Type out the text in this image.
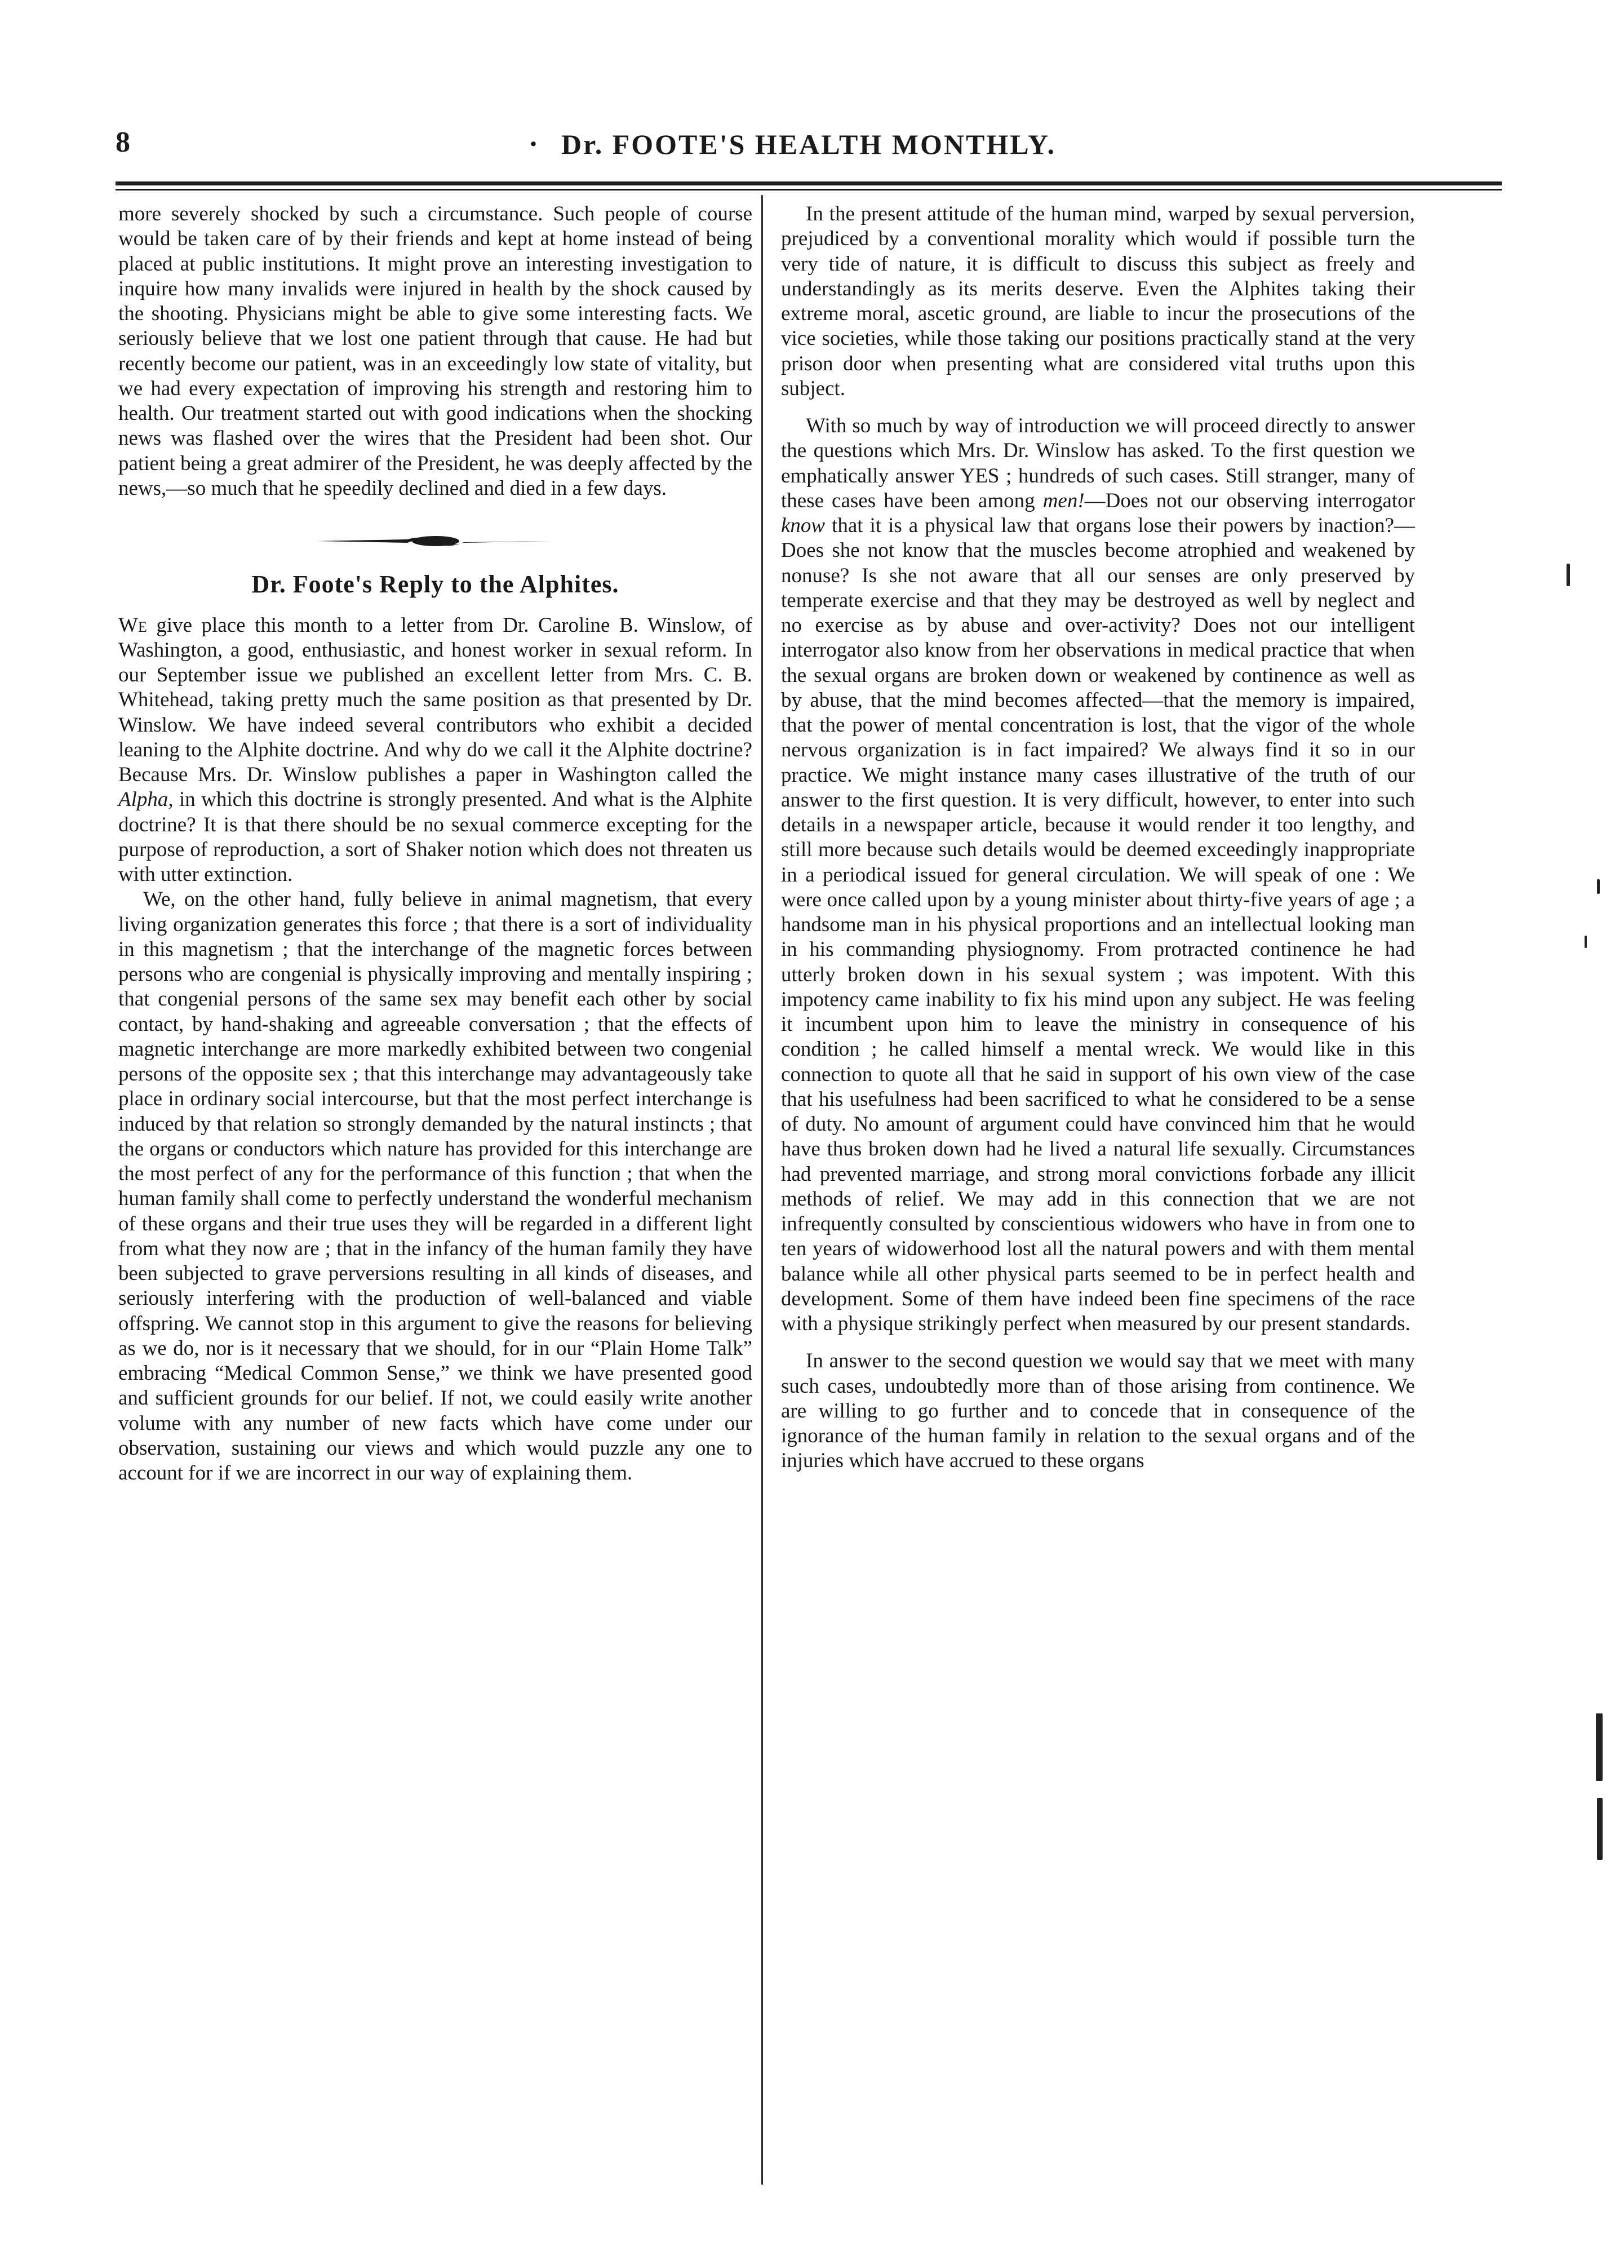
8	. Dr. FOOTE'S HEALTH MONTHLY.

more severely shocked by such a circumstance. Such people of course would be taken care of by their friends and kept at home instead of being placed at public institutions. It might prove an interesting investigation to inquire how many invalids were injured in health by the shock caused by the shooting. Physicians might be able to give some interesting facts. We seriously believe that we lost one patient through that cause. He had but recently become our patient, was in an exceedingly low state of vitality, but we had every expectation of improving his strength and restoring him to health. Our treatment started out with good indications when the shocking news was flashed over the wires that the President had been shot. Our patient being a great admirer of the President, he was deeply affected by the news,—so much that he speedily declined and died in a few days.

Dr. Foote's Reply to the Alphites.

We give place this month to a letter from Dr. Caroline B. Winslow, of Washington, a good, enthusiastic, and honest worker in sexual reform. In our September issue we published an excellent letter from Mrs. C. B. Whitehead, taking pretty much the same position as that presented by Dr. Winslow. We have indeed several contributors who exhibit a decided leaning to the Alphite doctrine. And why do we call it the Alphite doctrine? Because Mrs. Dr. Winslow publishes a paper in Washington called the Alpha, in which this doctrine is strongly presented. And what is the Alphite doctrine? It is that there should be no sexual commerce excepting for the purpose of reproduction, a sort of Shaker notion which does not threaten us with utter extinction.

We, on the other hand, fully believe in animal magnetism, that every living organization generates this force ; that there is a sort of individuality in this magnetism ; that the interchange of the magnetic forces between persons who are congenial is physically improving and mentally inspiring ; that congenial persons of the same sex may benefit each other by social contact, by hand-shaking and agreeable conversation ; that the effects of magnetic interchange are more markedly exhibited between two congenial persons of the opposite sex ; that this interchange may advantageously take place in ordinary social intercourse, but that the most perfect interchange is induced by that relation so strongly demanded by the natural instincts ; that the organs or conductors which nature has provided for this interchange are the most perfect of any for the performance of this function ; that when the human family shall come to perfectly understand the wonderful mechanism of these organs and their true uses they will be regarded in a different light from what they now are ; that in the infancy of the human family they have been subjected to grave perversions resulting in all kinds of diseases, and seriously interfering with the production of well-balanced and viable offspring. We cannot stop in this argument to give the reasons for believing as we do, nor is it necessary that we should, for in our “Plain Home Talk” embracing “Medical Common Sense,” we think we have presented good and sufficient grounds for our belief. If not, we could easily write another volume with any number of new facts which have come under our observation, sustaining our views and which would puzzle any one to account for if we are incorrect in our way of explaining them.

In the present attitude of the human mind, warped by sexual perversion, prejudiced by a conventional morality which would if possible turn the very tide of nature, it is difficult to discuss this subject as freely and understandingly as its merits deserve. Even the Alphites taking their extreme moral, ascetic ground, are liable to incur the prosecutions of the vice societies, while those taking our positions practically stand at the very prison door when presenting what are considered vital truths upon this subject.

With so much by way of introduction we will proceed directly to answer the questions which Mrs. Dr. Winslow has asked. To the first question we emphatically answer YES ; hundreds of such cases. Still stranger, many of these cases have been among men!—Does not our observing interrogator know that it is a physical law that organs lose their powers by inaction?—Does she not know that the muscles become atrophied and weakened by nonuse? Is she not aware that all our senses are only preserved by temperate exercise and that they may be destroyed as well by neglect and no exercise as by abuse and over-activity? Does not our intelligent interrogator also know from her observations in medical practice that when the sexual organs are broken down or weakened by continence as well as by abuse, that the mind becomes affected—that the memory is impaired, that the power of mental concentration is lost, that the vigor of the whole nervous organization is in fact impaired? We always find it so in our practice. We might instance many cases illustrative of the truth of our answer to the first question. It is very difficult, however, to enter into such details in a newspaper article, because it would render it too lengthy, and still more because such details would be deemed exceedingly inappropriate in a periodical issued for general circulation. We will speak of one : We were once called upon by a young minister about thirty-five years of age ; a handsome man in his physical proportions and an intellectual looking man in his commanding physiognomy. From protracted continence he had utterly broken down in his sexual system ; was impotent. With this impotency came inability to fix his mind upon any subject. He was feeling it incumbent upon him to leave the ministry in consequence of his condition ; he called himself a mental wreck. We would like in this connection to quote all that he said in support of his own view of the case that his usefulness had been sacrificed to what he considered to be a sense of duty. No amount of argument could have convinced him that he would have thus broken down had he lived a natural life sexually. Circumstances had prevented marriage, and strong moral convictions forbade any illicit methods of relief. We may add in this connection that we are not infrequently consulted by conscientious widowers who have in from one to ten years of widowerhood lost all the natural powers and with them mental balance while all other physical parts seemed to be in perfect health and development. Some of them have indeed been fine specimens of the race with a physique strikingly perfect when measured by our present standards.

In answer to the second question we would say that we meet with many such cases, undoubtedly more than of those arising from continence. We are willing to go further and to concede that in consequence of the ignorance of the human family in relation to the sexual organs and of the injuries which have accrued to these organs
